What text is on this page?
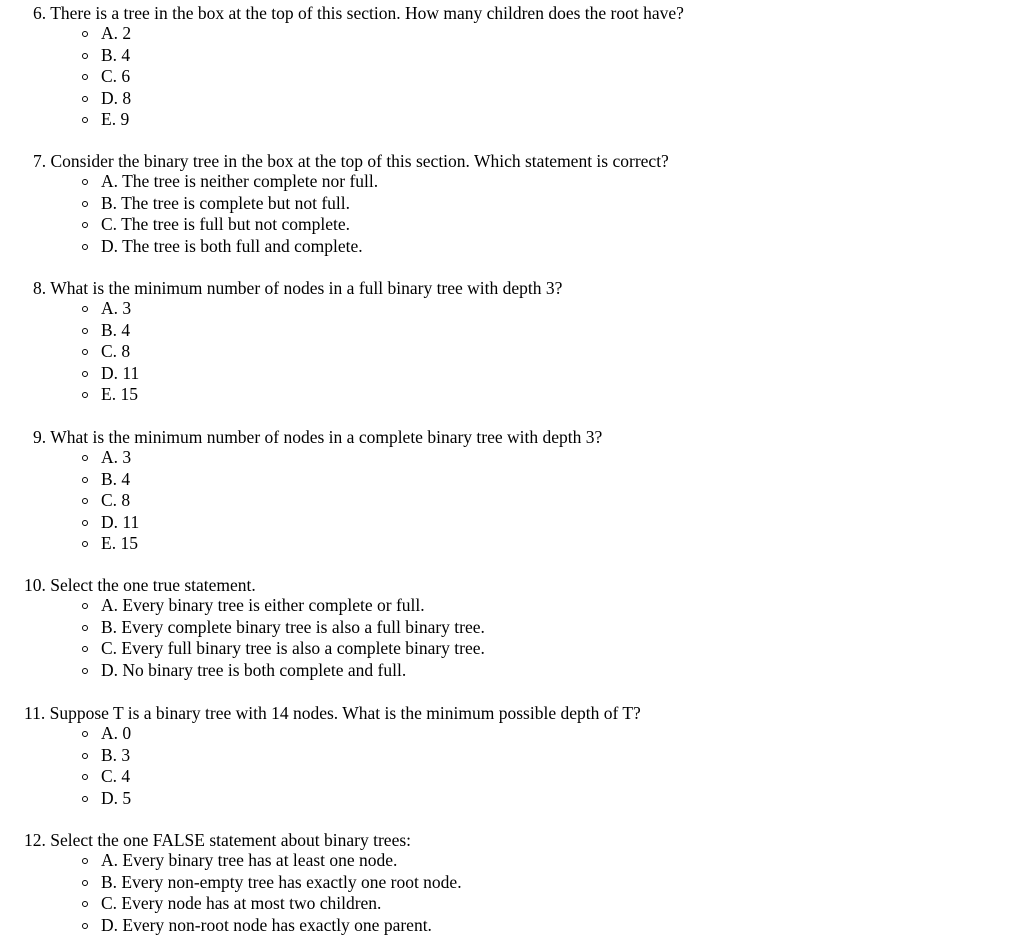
6. There is a tree in the box at the top of this section. How many children does the root have?
A. 2
B. 4
C. 6
D. 8
E. 9
7. Consider the binary tree in the box at the top of this section. Which statement is correct?
A. The tree is neither complete nor full.
B. The tree is complete but not full.
C. The tree is full but not complete.
D. The tree is both full and complete.
8. What is the minimum number of nodes in a full binary tree with depth 3?
A. 3
B. 4
C. 8
D. 11
E. 15
9. What is the minimum number of nodes in a complete binary tree with depth 3?
A. 3
B. 4
C. 8
D. 11
E. 15
10. Select the one true statement.
A. Every binary tree is either complete or full.
B. Every complete binary tree is also a full binary tree.
C. Every full binary tree is also a complete binary tree.
D. No binary tree is both complete and full.
11. Suppose T is a binary tree with 14 nodes. What is the minimum possible depth of T?
A. 0
B. 3
C. 4
D. 5
12. Select the one FALSE statement about binary trees:
A. Every binary tree has at least one node.
B. Every non-empty tree has exactly one root node.
C. Every node has at most two children.
D. Every non-root node has exactly one parent.
